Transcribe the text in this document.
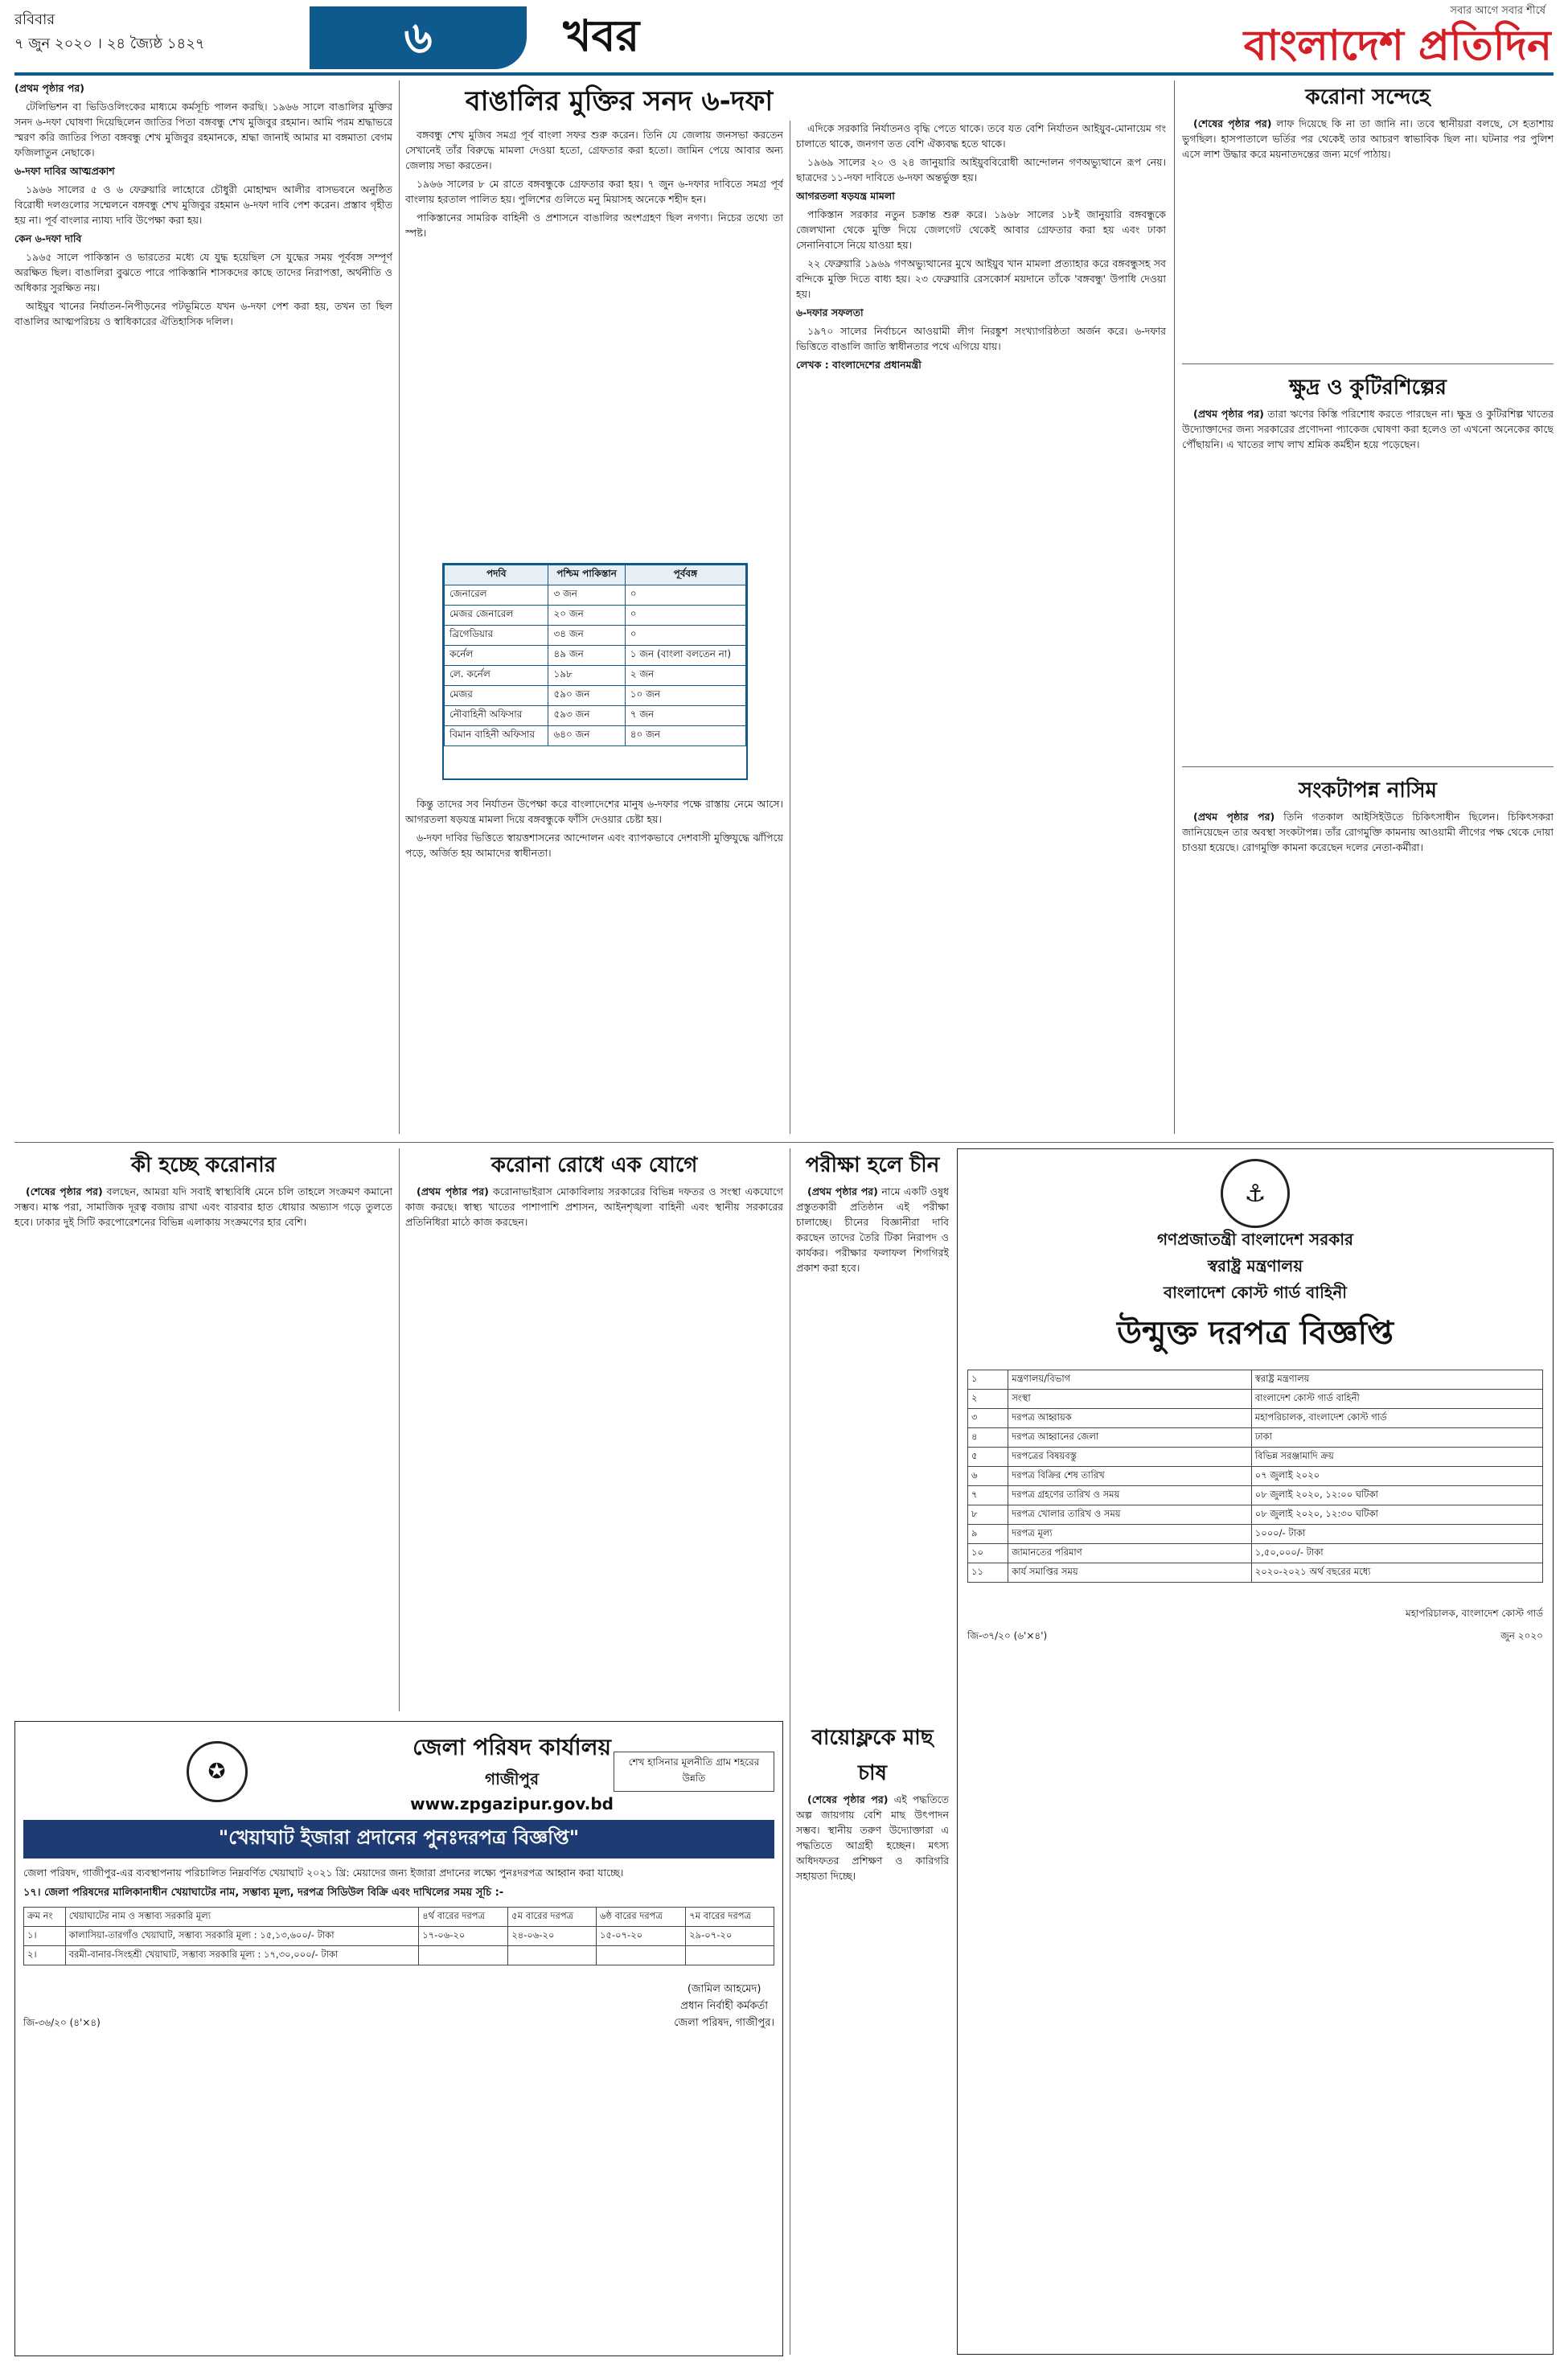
রবিবার
৭ জুন ২০২০ । ২৪ জ্যৈষ্ঠ ১৪২৭	৬	খবর	সবার আগে সবার শীর্ষে
বাংলাদেশ প্রতিদিন
বাঙালির মুক্তির সনদ ৬-দফা

(প্রথম পৃষ্ঠার পর)

টেলিভিশন বা ভিডিওলিংকের মাধ্যমে কর্মসূচি পালন করছি। ১৯৬৬ সালে বাঙালির মুক্তির সনদ ৬-দফা ঘোষণা দিয়েছিলেন জাতির পিতা বঙ্গবন্ধু শেখ মুজিবুর রহমান। আমি পরম শ্রদ্ধাভরে স্মরণ করি জাতির পিতা বঙ্গবন্ধু শেখ মুজিবুর রহমানকে, শ্রদ্ধা জানাই আমার মা বঙ্গমাতা বেগম ফজিলাতুন নেছাকে।

৬-দফা দাবির আত্মপ্রকাশ

১৯৬৬ সালের ৫ ও ৬ ফেব্রুয়ারি লাহোরে চৌধুরী মোহাম্মদ আলীর বাসভবনে অনুষ্ঠিত বিরোধী দলগুলোর সম্মেলনে বঙ্গবন্ধু শেখ মুজিবুর রহমান ৬-দফা দাবি পেশ করেন। প্রস্তাব গৃহীত হয় না। পূর্ব বাংলার ন্যায্য দাবি উপেক্ষা করা হয়।

কেন ৬-দফা দাবি

১৯৬৫ সালে পাকিস্তান ও ভারতের মধ্যে যে যুদ্ধ হয়েছিল সে যুদ্ধের সময় পূর্ববঙ্গ সম্পূর্ণ অরক্ষিত ছিল। বাঙালিরা বুঝতে পারে পাকিস্তানি শাসকদের কাছে তাদের নিরাপত্তা, অর্থনীতি ও অধিকার সুরক্ষিত নয়।

আইয়ুব খানের নির্যাতন-নিপীড়নের পটভূমিতে যখন ৬-দফা পেশ করা হয়, তখন তা ছিল বাঙালির আত্মপরিচয় ও স্বাধিকারের ঐতিহাসিক দলিল।

বঙ্গবন্ধু শেখ মুজিব সমগ্র পূর্ব বাংলা সফর শুরু করেন। তিনি যে জেলায় জনসভা করতেন সেখানেই তাঁর বিরুদ্ধে মামলা দেওয়া হতো, গ্রেফতার করা হতো। জামিন পেয়ে আবার অন্য জেলায় সভা করতেন।

১৯৬৬ সালের ৮ মে রাতে বঙ্গবন্ধুকে গ্রেফতার করা হয়। ৭ জুন ৬-দফার দাবিতে সমগ্র পূর্ব বাংলায় হরতাল পালিত হয়। পুলিশের গুলিতে মনু মিয়াসহ অনেকে শহীদ হন।

পাকিস্তানের সামরিক বাহিনী ও প্রশাসনে বাঙালির অংশগ্রহণ ছিল নগণ্য। নিচের তথ্যে তা স্পষ্ট।

পদবি	পশ্চিম পাকিস্তান	পূর্ববঙ্গ
জেনারেল	৩ জন	০
মেজর জেনারেল	২০ জন	০
ব্রিগেডিয়ার	৩৪ জন	০
কর্নেল	৪৯ জন	১ জন (বাংলা বলতেন না)
লে. কর্নেল	১৯৮	২ জন
মেজর	৫৯০ জন	১০ জন
নৌবাহিনী অফিসার	৫৯৩ জন	৭ জন
বিমান বাহিনী অফিসার	৬৪০ জন	৪০ জন

কিন্তু তাদের সব নির্যাতন উপেক্ষা করে বাংলাদেশের মানুষ ৬-দফার পক্ষে রাস্তায় নেমে আসে। আগরতলা ষড়যন্ত্র মামলা দিয়ে বঙ্গবন্ধুকে ফাঁসি দেওয়ার চেষ্টা হয়।

৬-দফা দাবির ভিত্তিতে স্বায়ত্তশাসনের আন্দোলন এবং ব্যাপকভাবে দেশবাসী মুক্তিযুদ্ধে ঝাঁপিয়ে পড়ে, অর্জিত হয় আমাদের স্বাধীনতা।

এদিকে সরকারি নির্যাতনও বৃদ্ধি পেতে থাকে। তবে যত বেশি নির্যাতন আইয়ুব-মোনায়েম গং চালাতে থাকে, জনগণ তত বেশি ঐক্যবদ্ধ হতে থাকে।

১৯৬৯ সালের ২০ ও ২৪ জানুয়ারি আইয়ুববিরোধী আন্দোলন গণঅভ্যুত্থানে রূপ নেয়। ছাত্রদের ১১-দফা দাবিতে ৬-দফা অন্তর্ভুক্ত হয়।

আগরতলা ষড়যন্ত্র মামলা

পাকিস্তান সরকার নতুন চক্রান্ত শুরু করে। ১৯৬৮ সালের ১৮ই জানুয়ারি বঙ্গবন্ধুকে জেলখানা থেকে মুক্তি দিয়ে জেলগেট থেকেই আবার গ্রেফতার করা হয় এবং ঢাকা সেনানিবাসে নিয়ে যাওয়া হয়।

২২ ফেব্রুয়ারি ১৯৬৯ গণঅভ্যুত্থানের মুখে আইয়ুব খান মামলা প্রত্যাহার করে বঙ্গবন্ধুসহ সব বন্দিকে মুক্তি দিতে বাধ্য হয়। ২৩ ফেব্রুয়ারি রেসকোর্স ময়দানে তাঁকে 'বঙ্গবন্ধু' উপাধি দেওয়া হয়।

৬-দফার সফলতা

১৯৭০ সালের নির্বাচনে আওয়ামী লীগ নিরঙ্কুশ সংখ্যাগরিষ্ঠতা অর্জন করে। ৬-দফার ভিত্তিতে বাঙালি জাতি স্বাধীনতার পথে এগিয়ে যায়।

লেখক : বাংলাদেশের প্রধানমন্ত্রী

করোনা সন্দেহে

(শেষের পৃষ্ঠার পর) লাফ দিয়েছে কি না তা জানি না। তবে স্থানীয়রা বলছে, সে হতাশায় ভুগছিল। হাসপাতালে ভর্তির পর থেকেই তার আচরণ স্বাভাবিক ছিল না। ঘটনার পর পুলিশ এসে লাশ উদ্ধার করে ময়নাতদন্তের জন্য মর্গে পাঠায়।

ক্ষুদ্র ও কুটিরশিল্পের

(প্রথম পৃষ্ঠার পর) তারা ঋণের কিস্তি পরিশোধ করতে পারছেন না। ক্ষুদ্র ও কুটিরশিল্প খাতের উদ্যোক্তাদের জন্য সরকারের প্রণোদনা প্যাকেজ ঘোষণা করা হলেও তা এখনো অনেকের কাছে পৌঁছায়নি। এ খাতের লাখ লাখ শ্রমিক কর্মহীন হয়ে পড়েছেন।

সংকটাপন্ন নাসিম

(প্রথম পৃষ্ঠার পর) তিনি গতকাল আইসিইউতে চিকিৎসাধীন ছিলেন। চিকিৎসকরা জানিয়েছেন তার অবস্থা সংকটাপন্ন। তাঁর রোগমুক্তি কামনায় আওয়ামী লীগের পক্ষ থেকে দোয়া চাওয়া হয়েছে। রোগমুক্তি কামনা করেছেন দলের নেতা-কর্মীরা।

কী হচ্ছে করোনার

(শেষের পৃষ্ঠার পর) বলছেন, আমরা যদি সবাই স্বাস্থ্যবিধি মেনে চলি তাহলে সংক্রমণ কমানো সম্ভব। মাস্ক পরা, সামাজিক দূরত্ব বজায় রাখা এবং বারবার হাত ধোয়ার অভ্যাস গড়ে তুলতে হবে। ঢাকার দুই সিটি করপোরেশনের বিভিন্ন এলাকায় সংক্রমণের হার বেশি।

করোনা রোধে এক যোগে

(প্রথম পৃষ্ঠার পর) করোনাভাইরাস মোকাবিলায় সরকারের বিভিন্ন দফতর ও সংস্থা একযোগে কাজ করছে। স্বাস্থ্য খাতের পাশাপাশি প্রশাসন, আইনশৃঙ্খলা বাহিনী এবং স্থানীয় সরকারের প্রতিনিধিরা মাঠে কাজ করছেন।

পরীক্ষা হলে চীন

(প্রথম পৃষ্ঠার পর) নামে একটি ওষুধ প্রস্তুতকারী প্রতিষ্ঠান এই পরীক্ষা চালাচ্ছে। চীনের বিজ্ঞানীরা দাবি করছেন তাদের তৈরি টিকা নিরাপদ ও কার্যকর। পরীক্ষার ফলাফল শিগগিরই প্রকাশ করা হবে।

বায়োফ্লকে মাছ চাষ

(শেষের পৃষ্ঠার পর) এই পদ্ধতিতে অল্প জায়গায় বেশি মাছ উৎপাদন সম্ভব। স্থানীয় তরুণ উদ্যোক্তারা এ পদ্ধতিতে আগ্রহী হচ্ছেন। মৎস্য অধিদফতর প্রশিক্ষণ ও কারিগরি সহায়তা দিচ্ছে।

⚓
গণপ্রজাতন্ত্রী বাংলাদেশ সরকার
স্বরাষ্ট্র মন্ত্রণালয়
বাংলাদেশ কোস্ট গার্ড বাহিনী
উন্মুক্ত দরপত্র বিজ্ঞপ্তি
১	মন্ত্রণালয়/বিভাগ	স্বরাষ্ট্র মন্ত্রণালয়
২	সংস্থা	বাংলাদেশ কোস্ট গার্ড বাহিনী
৩	দরপত্র আহ্বায়ক	মহাপরিচালক, বাংলাদেশ কোস্ট গার্ড
৪	দরপত্র আহ্বানের জেলা	ঢাকা
৫	দরপত্রের বিষয়বস্তু	বিভিন্ন সরঞ্জামাদি ক্রয়
৬	দরপত্র বিক্রির শেষ তারিখ	০৭ জুলাই ২০২০
৭	দরপত্র গ্রহণের তারিখ ও সময়	০৮ জুলাই ২০২০, ১২:০০ ঘটিকা
৮	দরপত্র খোলার তারিখ ও সময়	০৮ জুলাই ২০২০, ১২:৩০ ঘটিকা
৯	দরপত্র মূল্য	১০০০/- টাকা
১০	জামানতের পরিমাণ	১,৫০,০০০/- টাকা
১১	কার্য সমাপ্তির সময়	২০২০-২০২১ অর্থ বছরের মধ্যে
মহাপরিচালক, বাংলাদেশ কোস্ট গার্ড
জি-৩৭/২০ (৬'×৪')	জুন ২০২০
✪
জেলা পরিষদ কার্যালয়
গাজীপুর
www.zpgazipur.gov.bd
শেখ হাসিনার মূলনীতি গ্রাম শহরের উন্নতি
"খেয়াঘাট ইজারা প্রদানের পুনঃদরপত্র বিজ্ঞপ্তি"
জেলা পরিষদ, গাজীপুর-এর ব্যবস্থাপনায় পরিচালিত নিম্নবর্ণিত খেয়াঘাট ২০২১ খ্রি: মেয়াদের জন্য ইজারা প্রদানের লক্ষ্যে পুনঃদরপত্র আহ্বান করা যাচ্ছে।
১৭। জেলা পরিষদের মালিকানাধীন খেয়াঘাটের নাম, সম্ভাব্য মূল্য, দরপত্র সিডিউল বিক্রি এবং দাখিলের সময় সূচি :-
ক্রম নং	খেয়াঘাটের নাম ও সম্ভাব্য সরকারি মূল্য	৪র্থ বারের দরপত্র	৫ম বারের দরপত্র	৬ষ্ঠ বারের দরপত্র	৭ম বারের দরপত্র
১।	কালাসিয়া-তারগাঁও খেয়াঘাট, সম্ভাব্য সরকারি মূল্য : ১৫,১৩,৬০০/- টাকা	১৭-০৬-২০	২৪-০৬-২০	১৫-০৭-২০	২৯-০৭-২০
২।	বরমী-বানার-সিংহশ্রী খেয়াঘাট, সম্ভাব্য সরকারি মূল্য : ১৭,৩০,০০০/- টাকা				
জি-৩৬/২০ (৪'×৪)
(জামিল আহমেদ)
প্রধান নির্বাহী কর্মকর্তা
জেলা পরিষদ, গাজীপুর।
